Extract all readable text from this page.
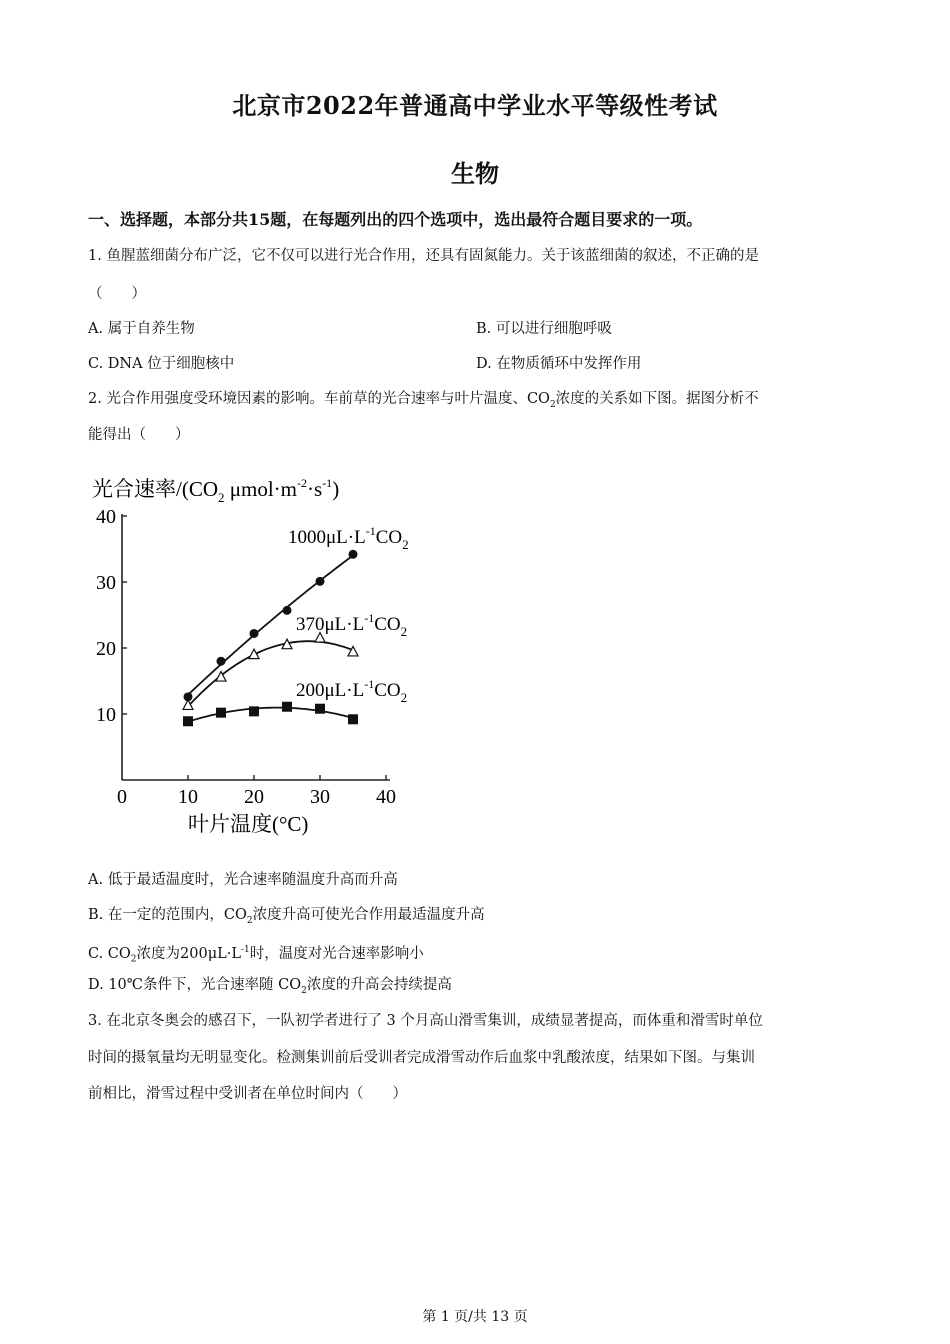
北京市2022年普通高中学业水平等级性考试
生物
一、选择题，本部分共15题，在每题列出的四个选项中，选出最符合题目要求的一项。
1. 鱼腥蓝细菌分布广泛，它不仅可以进行光合作用，还具有固氮能力。关于该蓝细菌的叙述，不正确的是
（　　）
A. 属于自养生物	B. 可以进行细胞呼吸
C. DNA 位于细胞核中	D. 在物质循环中发挥作用
2. 光合作用强度受环境因素的影响。车前草的光合速率与叶片温度、$CO_2$浓度的关系如下图。据图分析不
能得出（　　）
光合速率$/(CO_2$ $\mu mol\cdot m^{-2}\cdot s^{-1}$)
0	10 20 30 40
10
20
30
40
$1000\mu L\cdot L^{-1}CO_2$
$370\mu L\cdot L^{-1}CO_2$
$200\mu L\cdot L^{-1}CO_2$
叶片温度(°C)
A. 低于最适温度时，光合速率随温度升高而升高
B. 在一定的范围内，$CO_2$浓度升高可使光合作用最适温度升高
C. $CO_2$浓度为$200\mu L\cdot L^{-1}$时，温度对光合速率影响小
D. 10℃条件下，光合速率随 $CO_2$浓度的升高会持续提高
3. 在北京冬奥会的感召下，一队初学者进行了 3 个月高山滑雪集训，成绩显著提高，而体重和滑雪时单位
时间的摄氧量均无明显变化。检测集训前后受训者完成滑雪动作后血浆中乳酸浓度，结果如下图。与集训
前相比，滑雪过程中受训者在单位时间内（　　）
第 1 页/共 13 页
